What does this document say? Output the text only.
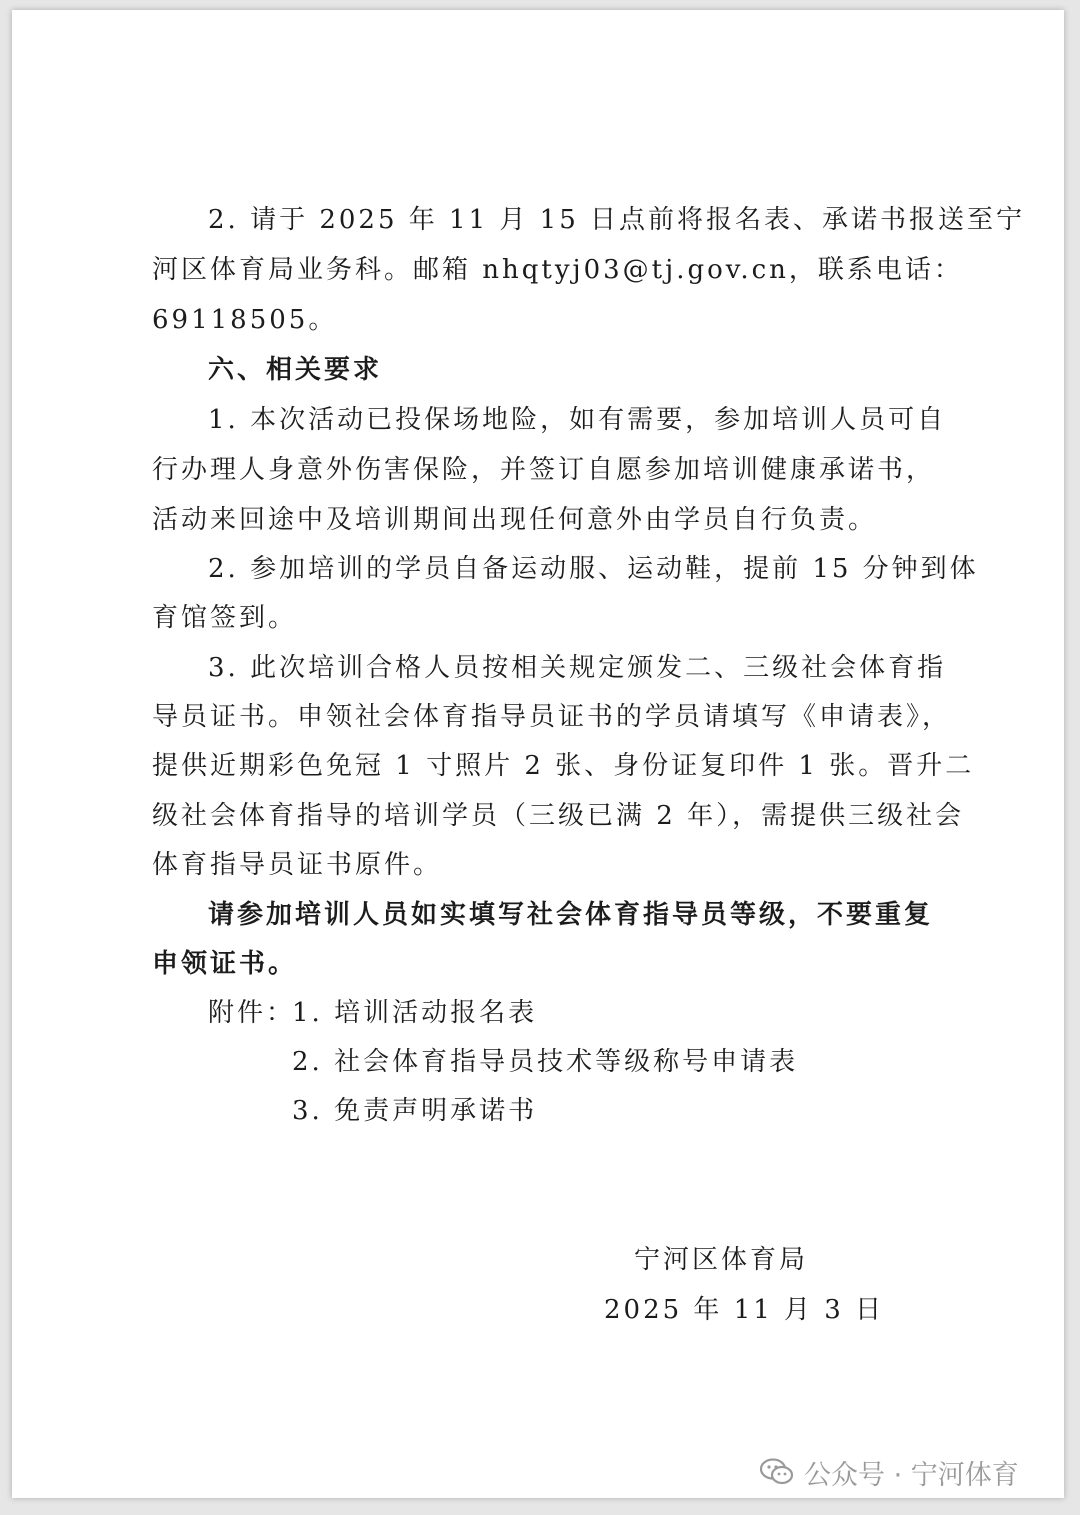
2. 请于 2025 年 11 月 15 日点前将报名表、承诺书报送至宁
河区体育局业务科。邮箱 nhqtyj03@tj.gov.cn，联系电话：
69118505。
六、相关要求
1. 本次活动已投保场地险，如有需要，参加培训人员可自
行办理人身意外伤害保险，并签订自愿参加培训健康承诺书，
活动来回途中及培训期间出现任何意外由学员自行负责。
2. 参加培训的学员自备运动服、运动鞋，提前 15 分钟到体
育馆签到。
3. 此次培训合格人员按相关规定颁发二、三级社会体育指
导员证书。申领社会体育指导员证书的学员请填写《申请表》，
提供近期彩色免冠 1 寸照片 2 张、身份证复印件 1 张。晋升二
级社会体育指导的培训学员（三级已满 2 年），需提供三级社会
体育指导员证书原件。
请参加培训人员如实填写社会体育指导员等级，不要重复
申领证书。
附件：
1. 培训活动报名表
2. 社会体育指导员技术等级称号申请表
3. 免责声明承诺书
宁河区体育局
2025 年 11 月 3 日
公众号 · 宁河体育
